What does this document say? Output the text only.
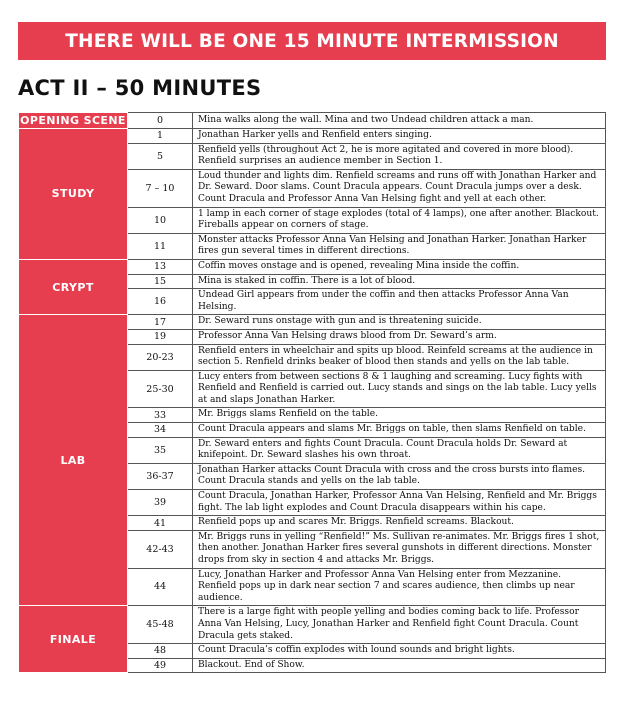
THERE WILL BE ONE 15 MINUTE INTERMISSION
ACT II – 50 MINUTES
OPENING SCENE	0	Mina walks along the wall. Mina and two Undead children attack a man.
STUDY	1	Jonathan Harker yells and Renfield enters singing.
	5	Renfield yells (throughout Act 2, he is more agitated and covered in more blood). Renfield surprises an audience member in Section 1.
	7 – 10	Loud thunder and lights dim. Renfield screams and runs off with Jonathan Harker and Dr. Seward. Door slams. Count Dracula appears. Count Dracula jumps over a desk. Count Dracula and Professor Anna Van Helsing fight and yell at each other.
	10	1 lamp in each corner of stage explodes (total of 4 lamps), one after another. Blackout. Fireballs appear on corners of stage.
	11	Monster attacks Professor Anna Van Helsing and Jonathan Harker. Jonathan Harker fires gun several times in different directions.
CRYPT	13	Coffin moves onstage and is opened, revealing Mina inside the coffin.
	15	Mina is staked in coffin. There is a lot of blood.
	16	Undead Girl appears from under the coffin and then attacks Professor Anna Van Helsing.
LAB	17	Dr. Seward runs onstage with gun and is threatening suicide.
	19	Professor Anna Van Helsing draws blood from Dr. Seward’s arm.
	20-23	Renfield enters in wheelchair and spits up blood. Reinfeld screams at the audience in section 5. Renfield drinks beaker of blood then stands and yells on the lab table.
	25-30	Lucy enters from between sections 8 & 1 laughing and screaming. Lucy fights with Renfield and Renfield is carried out. Lucy stands and sings on the lab table. Lucy yells at and slaps Jonathan Harker.
	33	Mr. Briggs slams Renfield on the table.
	34	Count Dracula appears and slams Mr. Briggs on table, then slams Renfield on table.
	35	Dr. Seward enters and fights Count Dracula. Count Dracula holds Dr. Seward at knifepoint. Dr. Seward slashes his own throat.
	36-37	Jonathan Harker attacks Count Dracula with cross and the cross bursts into flames. Count Dracula stands and yells on the lab table.
	39	Count Dracula, Jonathan Harker, Professor Anna Van Helsing, Renfield and Mr. Briggs fight. The lab light explodes and Count Dracula disappears within his cape.
	41	Renfield pops up and scares Mr. Briggs. Renfield screams. Blackout.
	42-43	Mr. Briggs runs in yelling “Renfield!” Ms. Sullivan re-animates. Mr. Briggs fires 1 shot, then another. Jonathan Harker fires several gunshots in different directions. Monster drops from sky in section 4 and attacks Mr. Briggs.
	44	Lucy, Jonathan Harker and Professor Anna Van Helsing enter from Mezzanine. Renfield pops up in dark near section 7 and scares audience, then climbs up near audience.
FINALE	45-48	There is a large fight with people yelling and bodies coming back to life. Professor Anna Van Helsing, Lucy, Jonathan Harker and Renfield fight Count Dracula. Count Dracula gets staked.
	48	Count Dracula’s coffin explodes with lound sounds and bright lights.
	49	Blackout. End of Show.
